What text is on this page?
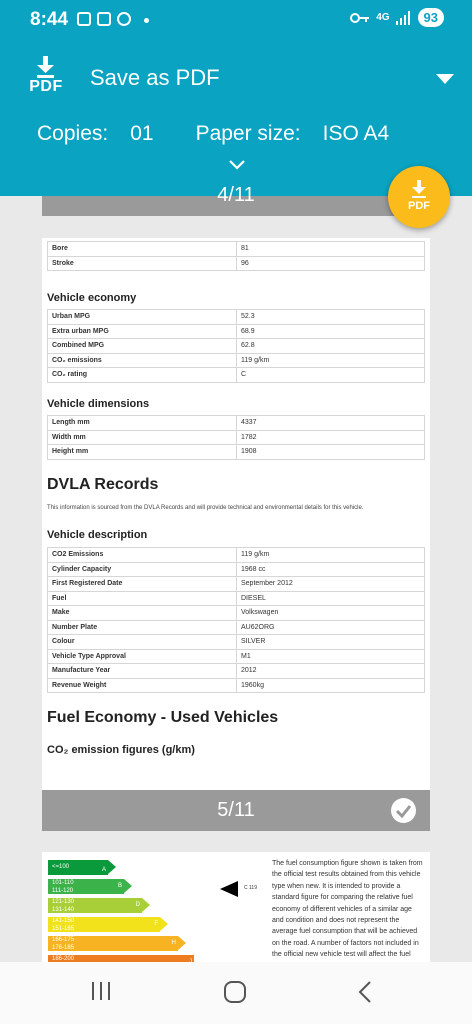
8:44	4G	93
PDF Save as PDF
Copies: 01 Paper size: ISO A4
PDF
4/11
Bore	81
Stroke	96
Vehicle economy
Urban MPG	52.3
Extra urban MPG	68.9
Combined MPG	62.8
CO₂ emissions	119 g/km
CO₂ rating	C
Vehicle dimensions
Length mm	4337
Width mm	1782
Height mm	1908
DVLA Records
This information is sourced from the DVLA Records and will provide technical and environmental details for this vehicle.
Vehicle description
CO2 Emissions	119 g/km
Cylinder Capacity	1968 cc
First Registered Date	September 2012
Fuel	DIESEL
Make	Volkswagen
Number Plate	AU62ORG
Colour	SILVER
Vehicle Type Approval	M1
Manufacture Year	2012
Revenue Weight	1960kg
Fuel Economy - Used Vehicles
CO₂ emission figures (g/km)
5/11
<=100	A
101-110
111-120
B
121-130
131-140
D
141-150
151-165
F
166-175
176-185
H
186-200
C 119
The fuel consumption figure shown is taken from the official test results obtained from this vehicle type when new. It is intended to provide a standard figure for comparing the relative fuel economy of different vehicles of a similar age and condition and does not represent the average fuel consumption that will be achieved on the road. A number of factors not included in the official new vehicle test will affect the fuel
